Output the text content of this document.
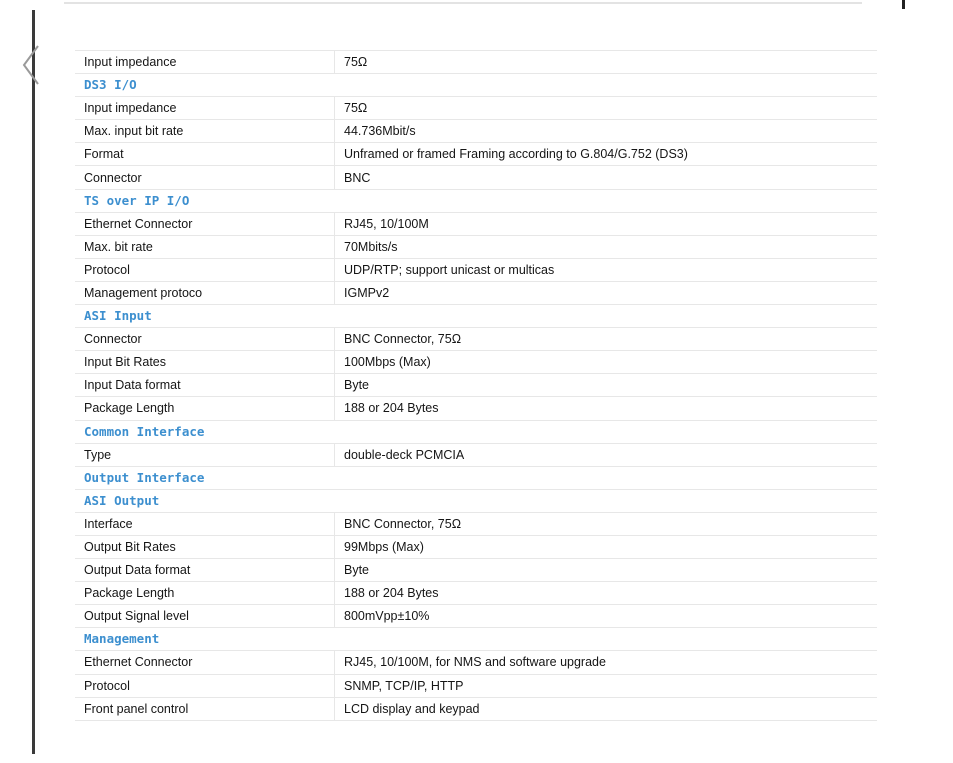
Input impedance	75Ω
DS3 I/O	
Input impedance	75Ω
Max. input bit rate	44.736Mbit/s
Format	Unframed or framed Framing according to G.804/G.752 (DS3)
Connector	BNC
TS over IP I/O	
Ethernet Connector	RJ45, 10/100M
Max. bit rate	70Mbits/s
Protocol	UDP/RTP; support unicast or multicas
Management protoco	IGMPv2
ASI Input	
Connector	BNC Connector, 75Ω
Input Bit Rates	100Mbps (Max)
Input Data format	Byte
Package Length	188 or 204 Bytes
Common Interface	
Type	double-deck PCMCIA
Output Interface	
ASI Output	
Interface	BNC Connector, 75Ω
Output Bit Rates	99Mbps (Max)
Output Data format	Byte
Package Length	188 or 204 Bytes
Output Signal level	800mVpp±10%
Management	
Ethernet Connector	RJ45, 10/100M, for NMS and software upgrade
Protocol	SNMP, TCP/IP, HTTP
Front panel control	LCD display and keypad
